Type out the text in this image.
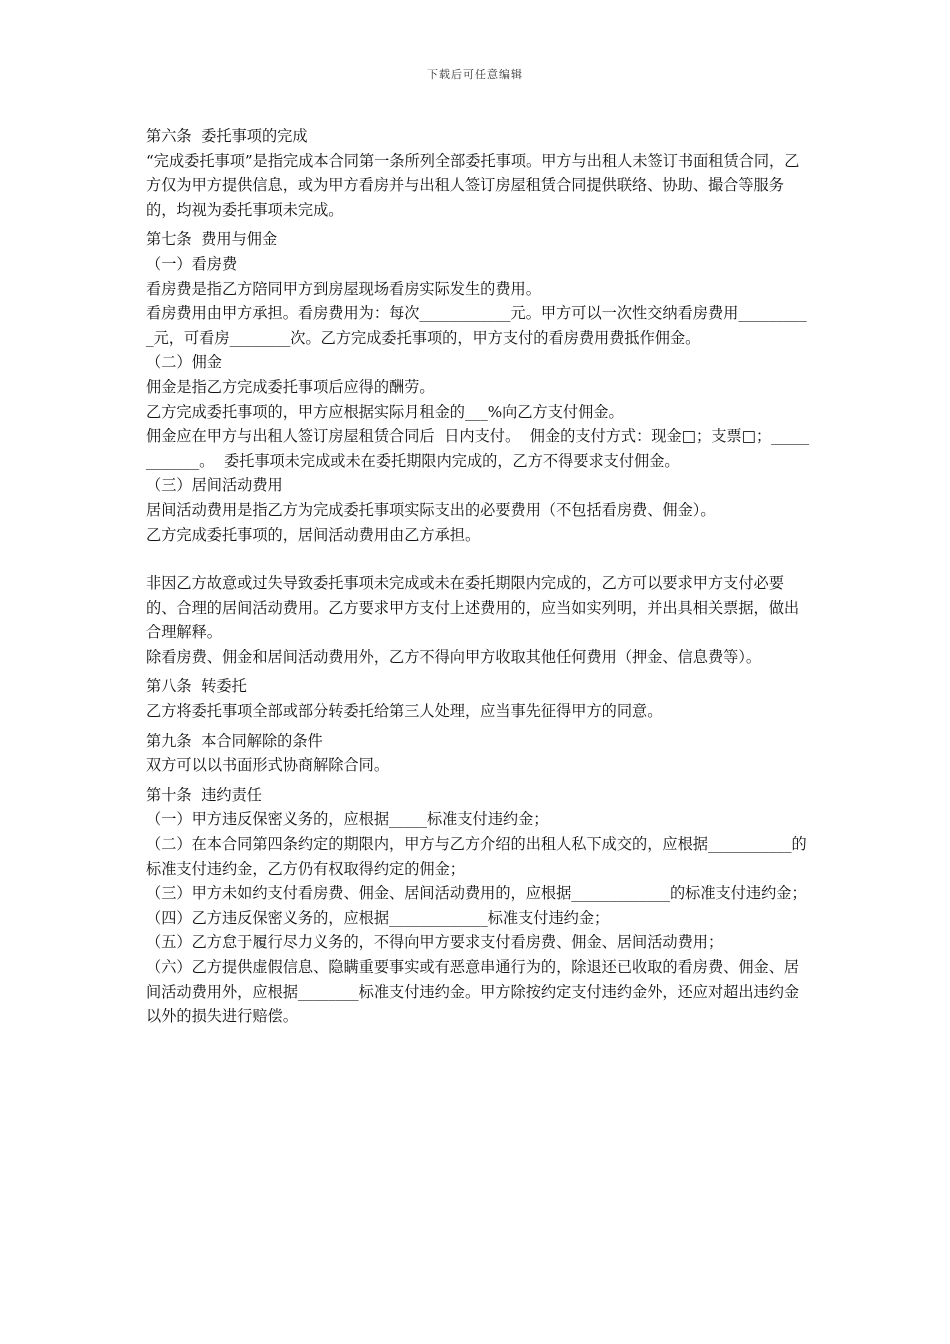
下载后可任意编辑

第六条  委托事项的完成

“完成委托事项”是指完成本合同第一条所列全部委托事项。甲方与出租人未签订书面租赁合同，乙方仅为甲方提供信息，或为甲方看房并与出租人签订房屋租赁合同提供联络、协助、撮合等服务的，均视为委托事项未完成。

第七条  费用与佣金

（一）看房费

看房费是指乙方陪同甲方到房屋现场看房实际发生的费用。

看房费用由甲方承担。看房费用为：每次____________元。甲方可以一次性交纳看房费用__________元，可看房________次。乙方完成委托事项的，甲方支付的看房费用费抵作佣金。

（二）佣金

佣金是指乙方完成委托事项后应得的酬劳。

乙方完成委托事项的，甲方应根据实际月租金的___%向乙方支付佣金。

佣金应在甲方与出租人签订房屋租赁合同后  日内支付。  佣金的支付方式：现金□；支票□；____________。  委托事项未完成或未在委托期限内完成的，乙方不得要求支付佣金。

（三）居间活动费用

居间活动费用是指乙方为完成委托事项实际支出的必要费用（不包括看房费、佣金）。

乙方完成委托事项的，居间活动费用由乙方承担。

非因乙方故意或过失导致委托事项未完成或未在委托期限内完成的，乙方可以要求甲方支付必要的、合理的居间活动费用。乙方要求甲方支付上述费用的，应当如实列明，并出具相关票据，做出合理解释。

除看房费、佣金和居间活动费用外，乙方不得向甲方收取其他任何费用（押金、信息费等）。

第八条  转委托

乙方将委托事项全部或部分转委托给第三人处理，应当事先征得甲方的同意。

第九条  本合同解除的条件

双方可以以书面形式协商解除合同。

第十条  违约责任

（一）甲方违反保密义务的，应根据_____标准支付违约金；

（二）在本合同第四条约定的期限内，甲方与乙方介绍的出租人私下成交的，应根据___________的标准支付违约金，乙方仍有权取得约定的佣金；

（三）甲方未如约支付看房费、佣金、居间活动费用的，应根据_____________的标准支付违约金；

（四）乙方违反保密义务的，应根据_____________标准支付违约金；

（五）乙方怠于履行尽力义务的，不得向甲方要求支付看房费、佣金、居间活动费用；

（六）乙方提供虚假信息、隐瞒重要事实或有恶意串通行为的，除退还已收取的看房费、佣金、居间活动费用外，应根据________标准支付违约金。甲方除按约定支付违约金外，还应对超出违约金以外的损失进行赔偿。
